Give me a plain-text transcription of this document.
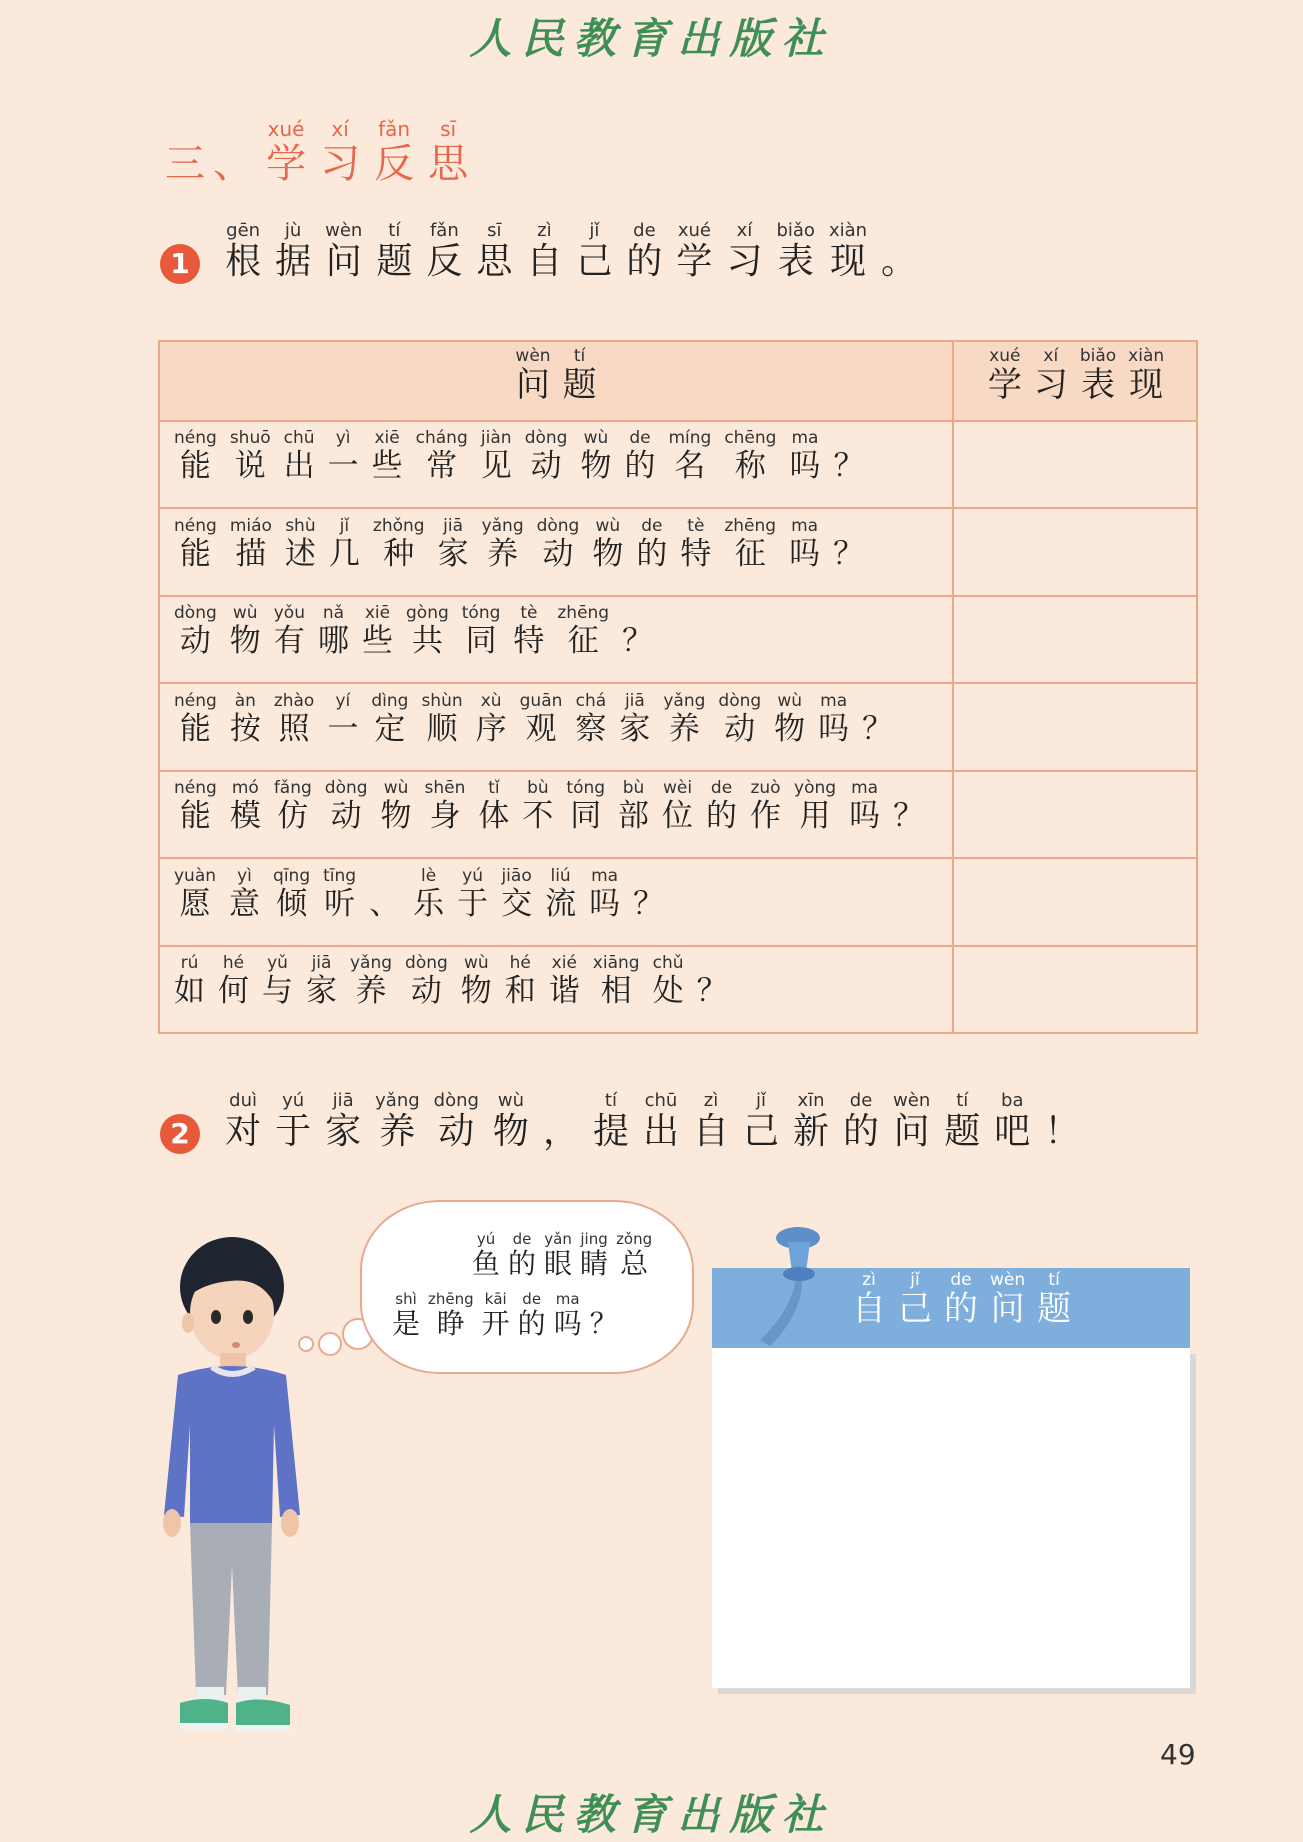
人民教育出版社
三、 学xué习xí反fǎn思sī
1 根gēn据jù问wèn题tí反fǎn思sī自zì己jǐ的de学xué习xí表biǎo现xiàn。
问wèn题tí
学xué习xí表biǎo现xiàn
能néng说shuō出chū一yì些xiē常cháng见jiàn动dòng物wù的de名míng称chēng吗ma？
能néng描miáo述shù几jǐ种zhǒng家jiā养yǎng动dòng物wù的de特tè征zhēng吗ma？
动dòng物wù有yǒu哪nǎ些xiē共gòng同tóng特tè征zhēng？
能néng按àn照zhào一yí定dìng顺shùn序xù观guān察chá家jiā养yǎng动dòng物wù吗ma？
能néng模mó仿fǎng动dòng物wù身shēn体tǐ不bù同tóng部bù位wèi的de作zuò用yòng吗ma？
愿yuàn意yì倾qīng听tīng、 乐lè于yú交jiāo流liú吗ma？
如rú何hé与yǔ家jiā养yǎng动dòng物wù和hé谐xié相xiāng处chǔ？
2 对duì于yú家jiā养yǎng动dòng物wù， 提tí出chū自zì己jǐ新xīn的de问wèn题tí吧ba！
鱼yú的de眼yǎn睛jing总zǒng
是shì睁zhēng开kāi的de吗ma？	自zì己jǐ的de问wèn题tí
49
人民教育出版社
